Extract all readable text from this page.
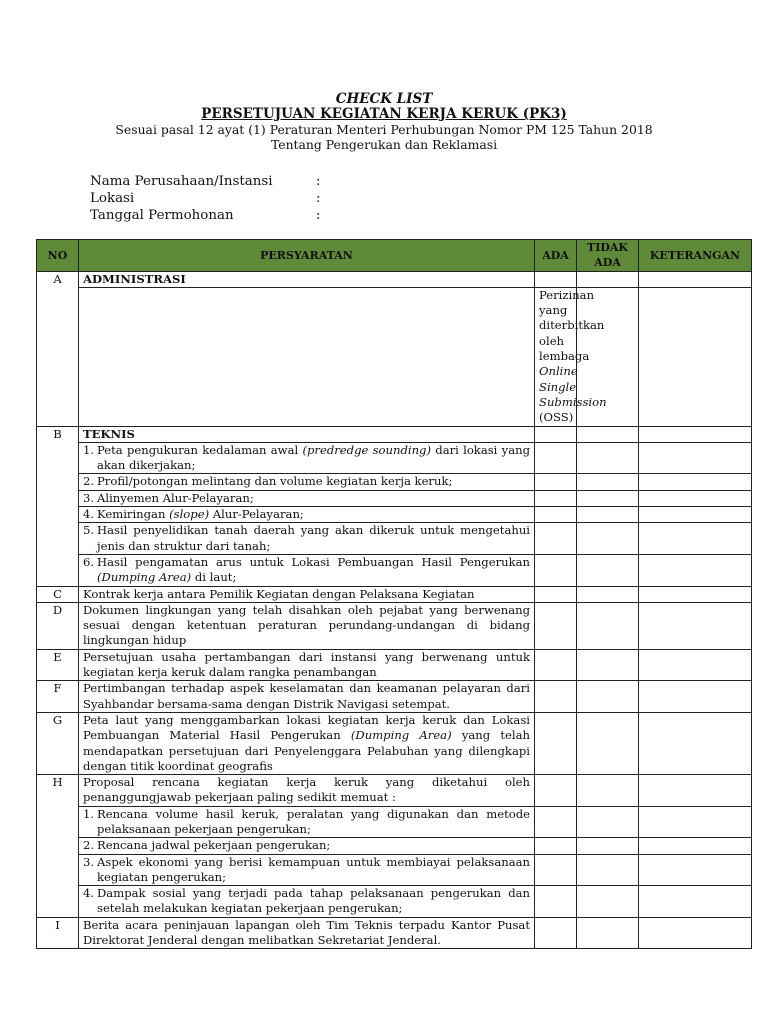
CHECK LIST
PERSETUJUAN KEGIATAN KERJA KERUK (PK3)
Sesuai pasal 12 ayat (1) Peraturan Menteri Perhubungan Nomor PM 125 Tahun 2018
Tentang Pengerukan dan Reklamasi
Nama Perusahaan/Instansi	:
Lokasi	:
Tanggal Permohonan	:
NO	PERSYARATAN	ADA	TIDAK ADA	KETERANGAN	
A	ADMINISTRASI				
		Perizinan yang diterbitkan oleh lembaga Online Single Submission (OSS)			
B	TEKNIS				

	1. Peta pengukuran kedalaman awal (predredge sounding) dari lokasi yang akan dikerjakan;				

	2. Profil/potongan melintang dan volume kegiatan kerja keruk;				

	3. Alinyemen Alur-Pelayaran;				

	4. Kemiringan (slope) Alur-Pelayaran;				

	5. Hasil penyelidikan tanah daerah yang akan dikeruk untuk mengetahui jenis dan struktur dari tanah;				

	6. Hasil pengamatan arus untuk Lokasi Pembuangan Hasil Pengerukan (Dumping Area) di laut;				

C	Kontrak kerja antara Pemilik Kegiatan dengan Pelaksana Kegiatan				
D	Dokumen lingkungan yang telah disahkan oleh pejabat yang berwenang sesuai dengan ketentuan peraturan perundang-undangan di bidang lingkungan hidup				
E	Persetujuan usaha pertambangan dari instansi yang berwenang untuk kegiatan kerja keruk dalam rangka penambangan				
F	Pertimbangan terhadap aspek keselamatan dan keamanan pelayaran dari Syahbandar bersama-sama dengan Distrik Navigasi setempat.				
G	Peta laut yang menggambarkan lokasi kegiatan kerja keruk dan Lokasi Pembuangan Material Hasil Pengerukan (Dumping Area) yang telah mendapatkan persetujuan dari Penyelenggara Pelabuhan yang dilengkapi dengan titik koordinat geografis				
H	Proposal rencana kegiatan kerja keruk yang diketahui oleh penanggungjawab pekerjaan paling sedikit memuat :				

	1. Rencana volume hasil keruk, peralatan yang digunakan dan metode pelaksanaan pekerjaan pengerukan;				

	2. Rencana jadwal pekerjaan pengerukan;				

	3. Aspek ekonomi yang berisi kemampuan untuk membiayai pelaksanaan kegiatan pengerukan;				

	4. Dampak sosial yang terjadi pada tahap pelaksanaan pengerukan dan setelah melakukan kegiatan pekerjaan pengerukan;				

I	Berita acara peninjauan lapangan oleh Tim Teknis terpadu Kantor Pusat Direktorat Jenderal dengan melibatkan Sekretariat Jenderal.				
